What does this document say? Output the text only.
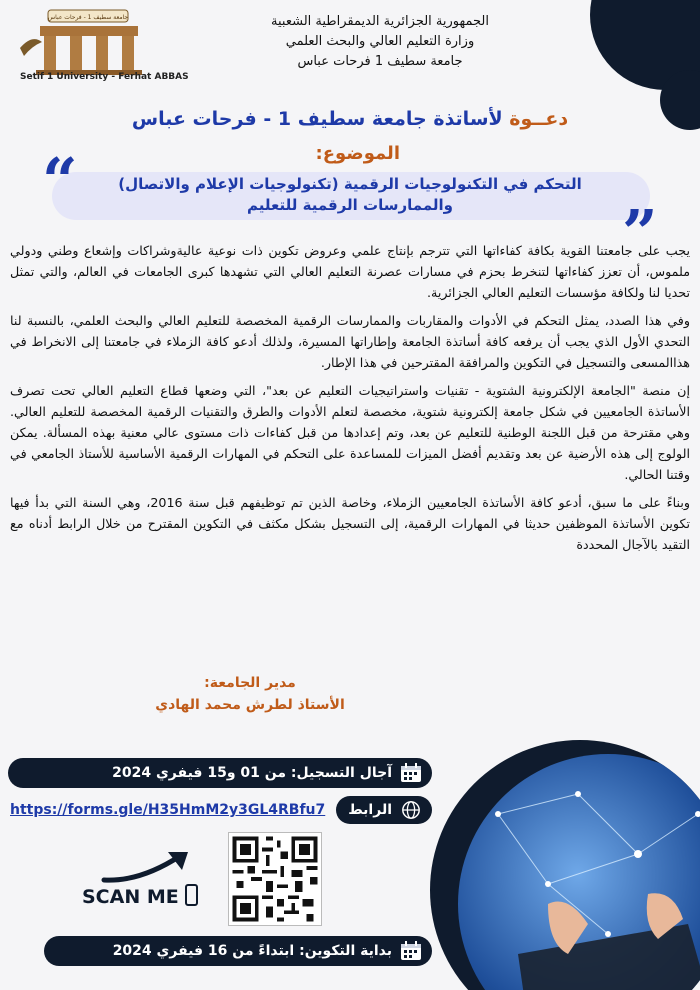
جامعة سطيف 1 - فرحات عباس
Setif 1 University - Ferhat ABBAS
الجمهورية الجزائرية الديمقراطية الشعبية
وزارة التعليم العالي والبحث العلمي
جامعة سطيف 1 فرحات عباس
دعــوة لأساتذة جامعة سطيف 1 - فرحات عباس
الموضوع:
“
”
التحكم في التكنولوجيات الرقمية (تكنولوجيات الإعلام والاتصال) والممارسات الرقمية للتعليم

يجب على جامعتنا القوية بكافة كفاءاتها التي تترجم بإنتاج علمي وعروض تكوين ذات نوعية عاليةوشراكات وإشعاع وطني ودولي ملموس، أن تعزز كفاءاتها لتنخرط بحزم في مسارات عصرنة التعليم العالي التي تشهدها كبرى الجامعات في العالم، والتي تمثل تحديا لنا ولكافة مؤسسات التعليم العالي الجزائرية.

وفي هذا الصدد، يمثل التحكم في الأدوات والمقاربات والممارسات الرقمية المخصصة للتعليم العالي والبحث العلمي، بالنسبة لنا التحدي الأول الذي يجب أن يرفعه كافة أساتذة الجامعة وإطاراتها المسيرة، ولذلك أدعو كافة الزملاء في جامعتنا إلى الانخراط في هذاالمسعى والتسجيل في التكوين والمرافقة المقترحين في هذا الإطار.

إن منصة "الجامعة الإلكترونية الشتوية - تقنيات واستراتيجيات التعليم عن بعد"، التي وضعها قطاع التعليم العالي تحت تصرف الأساتذة الجامعيين في شكل جامعة إلكترونية شتوية، مخصصة لتعلم الأدوات والطرق والتقنيات الرقمية المخصصة للتعليم العالي. وهي مقترحة من قبل اللجنة الوطنية للتعليم عن بعد، وتم إعدادها من قبل كفاءات ذات مستوى عالي معنية بهذه المسألة. يمكن الولوج إلى هذه الأرضية عن بعد وتقديم أفضل الميزات للمساعدة على التحكم في المهارات الرقمية الأساسية للأستاذ الجامعي في وقتنا الحالي.

وبناءً على ما سبق، أدعو كافة الأساتذة الجامعيين الزملاء، وخاصة الذين تم توظيفهم قبل سنة 2016، وهي السنة التي بدأ فيها تكوين الأساتذة الموظفين حديثا في المهارات الرقمية، إلى التسجيل بشكل مكثف في التكوين المقترح من خلال الرابط أدناه مع التقيد بالآجال المحددة

مدير الجامعة:
الأستاذ لطرش محمد الهادي
آجال التسجيل: من 01 و15 فيفري 2024
الرابط
https://forms.gle/H35HmM2y3GL4RBfu7
SCAN ME
بداية التكوين: ابتداءً من 16 فيفري 2024
